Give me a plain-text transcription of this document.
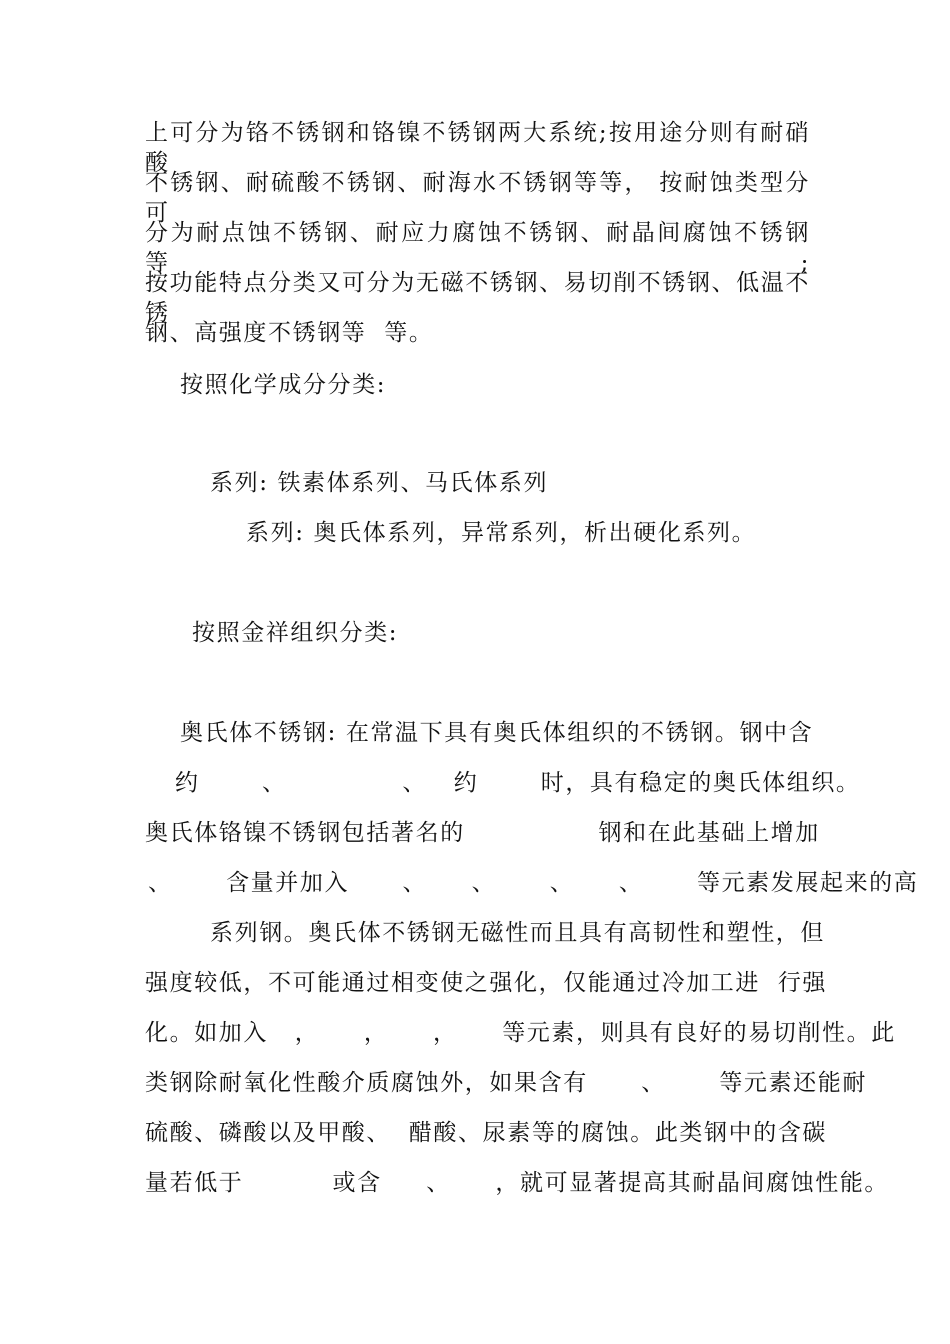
上可分为铬不锈钢和铬镍不锈钢两大系统;按用途分则有耐硝酸
不锈钢、耐硫酸不锈钢、耐海水不锈钢等等， 按耐蚀类型分可
分为耐点蚀不锈钢、耐应力腐蚀不锈钢、耐晶间腐蚀不锈钢等;
按功能特点分类又可分为无磁不锈钢、易切削不锈钢、低温不锈
钢、高强度不锈钢等  等。
按照化学成分分类:
系列: 铁素体系列、马氏体系列
系列: 奥氏体系列，异常系列，析出硬化系列。
按照金祥组织分类:
奥氏体不锈钢: 在常温下具有奥氏体组织的不锈钢。钢中含
约       、             、   约       时，具有稳定的奥氏体组织。
奥氏体铬镍不锈钢包括著名的               钢和在此基础上增加
、      含量并加入      、     、      、     、      等元素发展起来的高
系列钢。奥氏体不锈钢无磁性而且具有高韧性和塑性，但
强度较低，不可能通过相变使之强化，仅能通过冷加工进  行强
化。如加入   ，     ，     ，     等元素，则具有良好的易切削性。此
类钢除耐氧化性酸介质腐蚀外，如果含有      、      等元素还能耐
硫酸、磷酸以及甲酸、  醋酸、尿素等的腐蚀。此类钢中的含碳
量若低于          或含     、     ，就可显著提高其耐晶间腐蚀性能。
